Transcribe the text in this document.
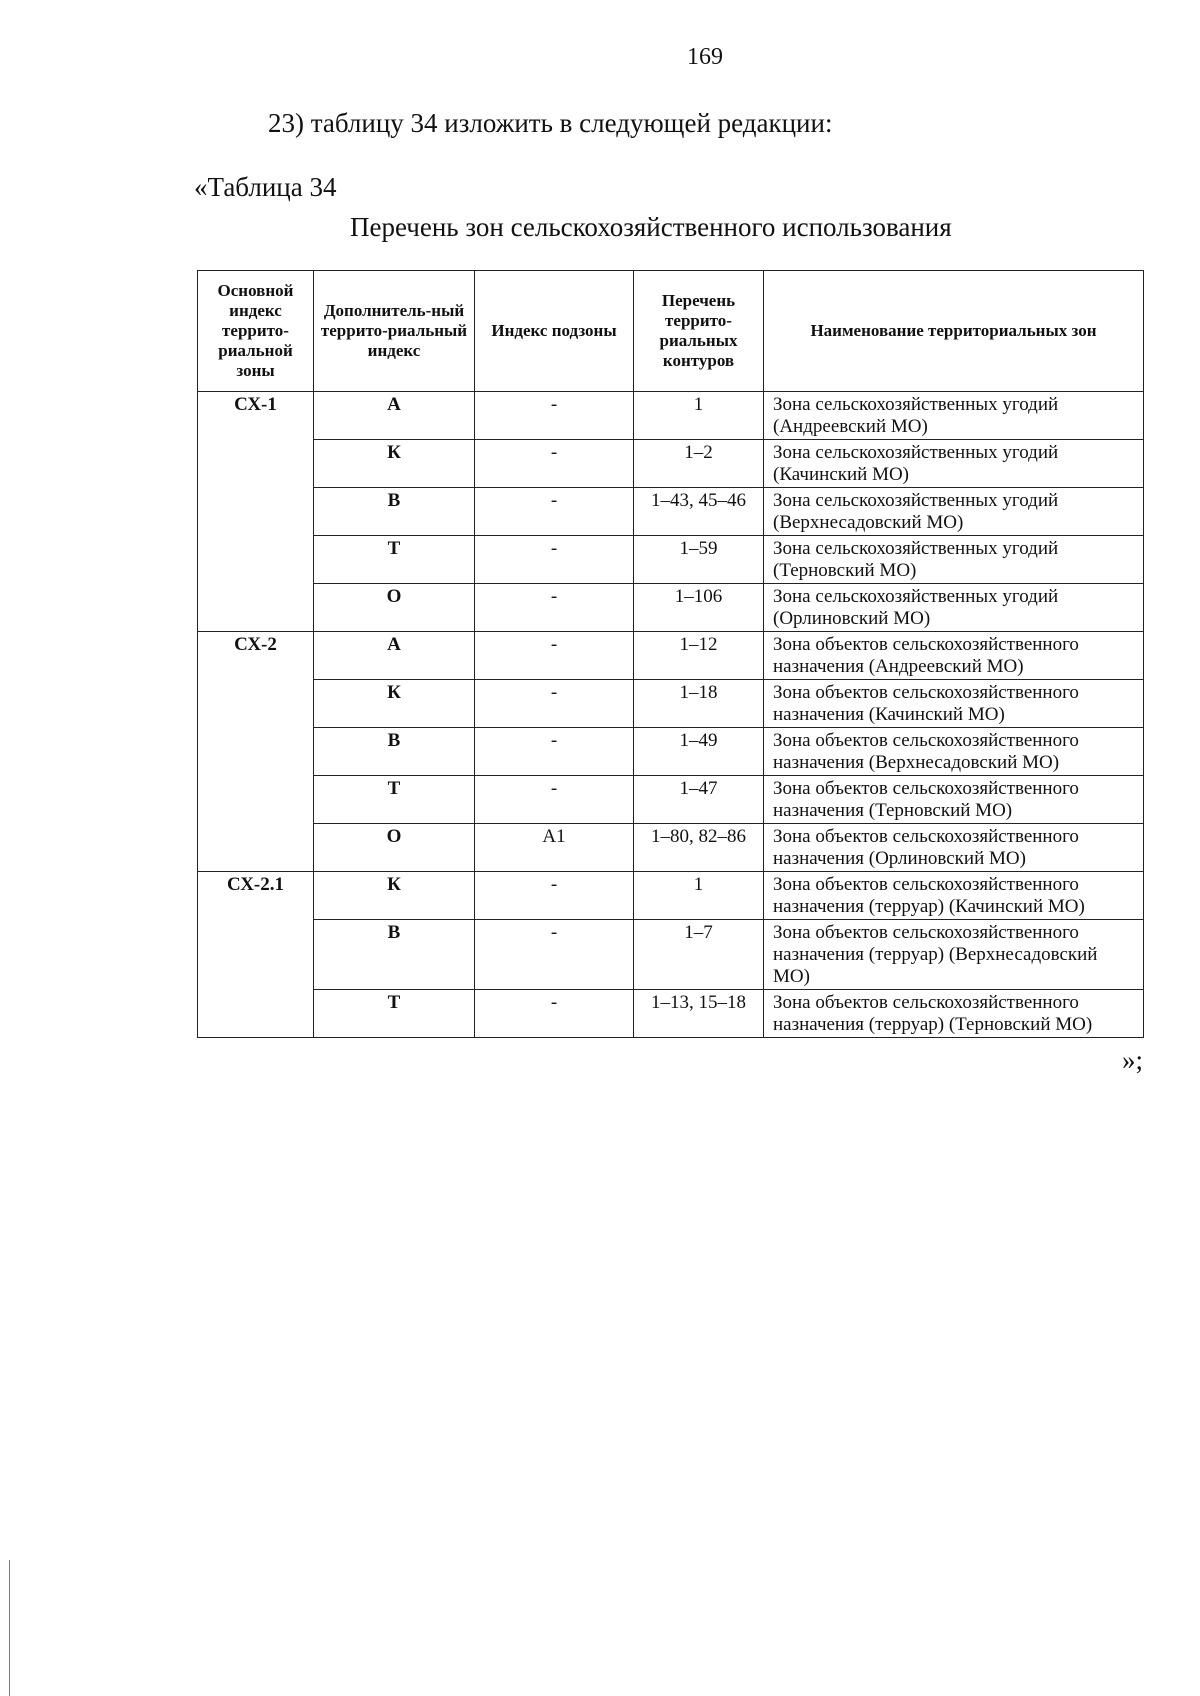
169
23) таблицу 34 изложить в следующей редакции:
«Таблица 34
Перечень зон сельскохозяйственного использования
Основной индекс террито-риальной зоны	Дополнитель-ный террито-риальный индекс	Индекс подзоны	Перечень террито-риальных контуров	Наименование территориальных зон
СХ-1	А	-	1	Зона сельскохозяйственных угодий (Андреевский МО)
	К	-	1–2	Зона сельскохозяйственных угодий (Качинский МО)
	В	-	1–43, 45–46	Зона сельскохозяйственных угодий (Верхнесадовский МО)
	Т	-	1–59	Зона сельскохозяйственных угодий (Терновский МО)
	О	-	1–106	Зона сельскохозяйственных угодий (Орлиновский МО)
СХ-2	А	-	1–12	Зона объектов сельскохозяйственного назначения (Андреевский МО)
	К	-	1–18	Зона объектов сельскохозяйственного назначения (Качинский МО)
	В	-	1–49	Зона объектов сельскохозяйственного назначения (Верхнесадовский МО)
	Т	-	1–47	Зона объектов сельскохозяйственного назначения (Терновский МО)
	О	А1	1–80, 82–86	Зона объектов сельскохозяйственного назначения (Орлиновский МО)
СХ-2.1	К	-	1	Зона объектов сельскохозяйственного назначения (терруар) (Качинский МО)
	В	-	1–7	Зона объектов сельскохозяйственного назначения (терруар) (Верхнесадовский МО)
	Т	-	1–13, 15–18	Зона объектов сельскохозяйственного назначения (терруар) (Терновский МО)
»;
